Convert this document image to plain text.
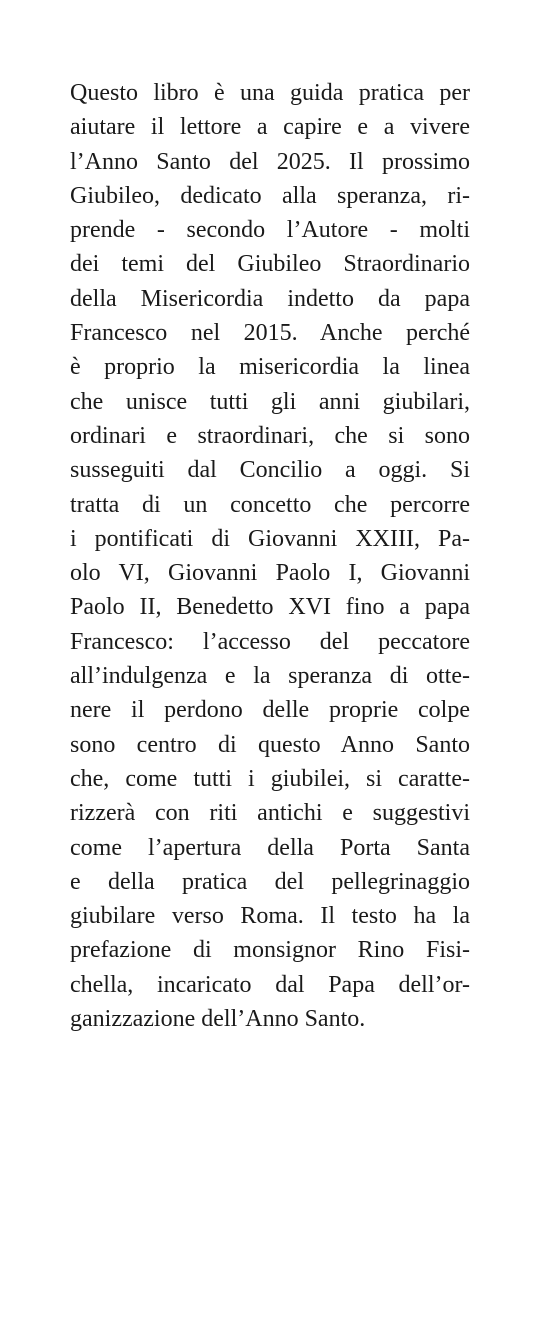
Questo libro è una guida pratica per
aiutare il lettore a capire e a vivere
l’Anno Santo del 2025. Il prossimo
Giubileo, dedicato alla speranza, ri-
prende - secondo l’Autore - molti
dei temi del Giubileo Straordinario
della Misericordia indetto da papa
Francesco nel 2015. Anche perché
è proprio la misericordia la linea
che unisce tutti gli anni giubilari,
ordinari e straordinari, che si sono
susseguiti dal Concilio a oggi. Si
tratta di un concetto che percorre
i pontificati di Giovanni XXIII, Pa-
olo VI, Giovanni Paolo I, Giovanni
Paolo II, Benedetto XVI fino a papa
Francesco: l’accesso del peccatore
all’indulgenza e la speranza di otte-
nere il perdono delle proprie colpe
sono centro di questo Anno Santo
che, come tutti i giubilei, si caratte-
rizzerà con riti antichi e suggestivi
come l’apertura della Porta Santa
e della pratica del pellegrinaggio
giubilare verso Roma. Il testo ha la
prefazione di monsignor Rino Fisi-
chella, incaricato dal Papa dell’or-
ganizzazione dell’Anno Santo.
